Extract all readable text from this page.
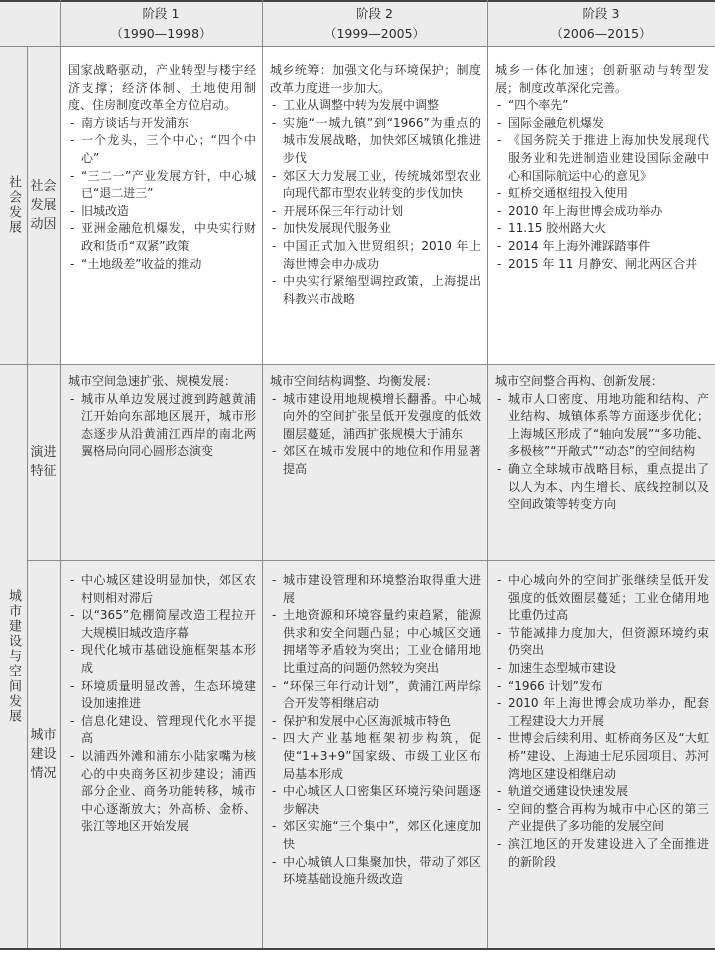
阶段 1
（1990—1998）
阶段 2
（1999—2005）
阶段 3
（2006—2015）
社会发展 社会发展动因
城市建设与空间发展
演进特征
城市建设情况
国家战略驱动，产业转型与楼宇经济支撑；经济体制、土地使用制度、住房制度改革全方位启动。
- 南方谈话与开发浦东
- 一个龙头，三个中心；“四个中心”
- “三二一”产业发展方针，中心城已“退二进三”
- 旧城改造
- 亚洲金融危机爆发，中央实行财政和货币“双紧”政策
- “土地级差”收益的推动
城乡统筹：加强文化与环境保护；制度改革力度进一步加大。
- 工业从调整中转为发展中调整
- 实施“一城九镇”到“1966”为重点的城市发展战略，加快郊区城镇化推进步伐
- 郊区大力发展工业，传统城郊型农业向现代都市型农业转变的步伐加快
- 开展环保三年行动计划
- 加快发展现代服务业
- 中国正式加入世贸组织；2010 年上海世博会申办成功
- 中央实行紧缩型调控政策，上海提出科教兴市战略
城乡一体化加速；创新驱动与转型发展；制度改革深化完善。
- “四个率先”
- 国际金融危机爆发
- 《国务院关于推进上海加快发展现代服务业和先进制造业建设国际金融中心和国际航运中心的意见》
- 虹桥交通枢纽投入使用
- 2010 年上海世博会成功举办
- 11.15 胶州路大火
- 2014 年上海外滩踩踏事件
- 2015 年 11 月静安、闸北两区合并
城市空间急速扩张、规模发展：
- 城市从单边发展过渡到跨越黄浦江开始向东部地区展开，城市形态逐步从沿黄浦江西岸的南北两翼格局向同心圆形态演变
城市空间结构调整、均衡发展：
- 城市建设用地规模增长翻番。中心城向外的空间扩张呈低开发强度的低效圈层蔓延，浦西扩张规模大于浦东
- 郊区在城市发展中的地位和作用显著提高
城市空间整合再构、创新发展：
- 城市人口密度、用地功能和结构、产业结构、城镇体系等方面逐步优化；上海城区形成了“轴向发展”“多功能、多极核”“开敞式”“动态”的空间结构
- 确立全球城市战略目标，重点提出了以人为本、内生增长、底线控制以及空间政策等转变方向
- 中心城区建设明显加快，郊区农村则相对滞后
- 以“365”危棚简屋改造工程拉开大规模旧城改造序幕
- 现代化城市基础设施框架基本形成
- 环境质量明显改善，生态环境建设加速推进
- 信息化建设、管理现代化水平提高
- 以浦西外滩和浦东小陆家嘴为核心的中央商务区初步建设；浦西部分企业、商务功能转移，城市中心逐渐放大；外高桥、金桥、张江等地区开始发展
- 城市建设管理和环境整治取得重大进展
- 土地资源和环境容量约束趋紧，能源供求和安全问题凸显；中心城区交通拥堵等矛盾较为突出；工业仓储用地比重过高的问题仍然较为突出
- “环保三年行动计划”，黄浦江两岸综合开发等相继启动
- 保护和发展中心区海派城市特色
- 四大产业基地框架初步构筑，促使“1+3+9”国家级、市级工业区布局基本形成
- 中心城区人口密集区环境污染问题逐步解决
- 郊区实施“三个集中”，郊区化速度加快
- 中心城镇人口集聚加快，带动了郊区环境基础设施升级改造
- 中心城向外的空间扩张继续呈低开发强度的低效圈层蔓延；工业仓储用地比重仍过高
- 节能减排力度加大，但资源环境约束仍突出
- 加速生态型城市建设
- “1966 计划”发布
- 2010 年上海世博会成功举办，配套工程建设大力开展
- 世博会后续利用、虹桥商务区及“大虹桥”建设、上海迪士尼乐园项目、苏河湾地区建设相继启动
- 轨道交通建设快速发展
- 空间的整合再构为城市中心区的第三产业提供了多功能的发展空间
- 滨江地区的开发建设进入了全面推进的新阶段
